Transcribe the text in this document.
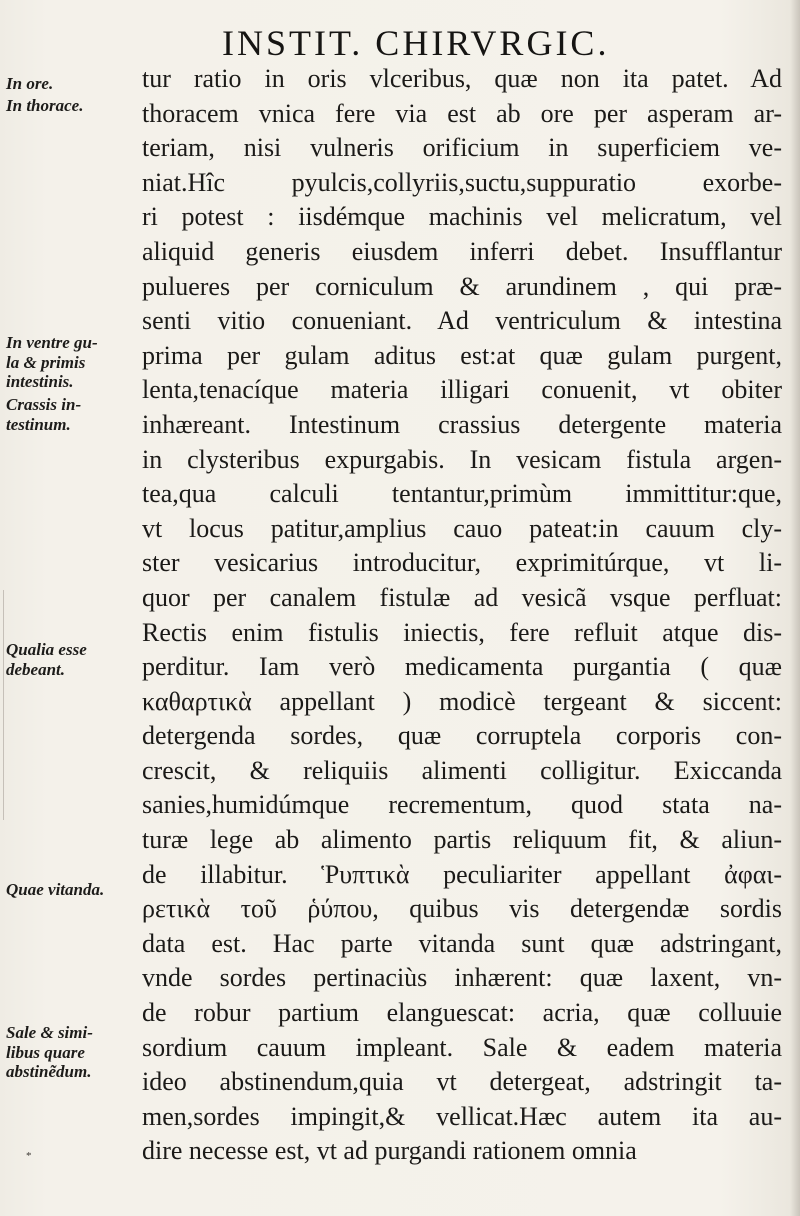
INSTIT. CHIRVRGIC.
In ore.
In thorace.
In ventre gu-
la & primis
intestinis.
Crassis in-
testinum.
Qualia esse
debeant.
Quae vitanda.
Sale & simi-
libus quare
abstinẽdum.
tur ratio in oris vlceribus, quæ non ita patet. Ad
thoracem vnica fere via est ab ore per asperam ar-
teriam, nisi vulneris orificium in superficiem ve-
niat.Hîc pyulcis,collyriis,suctu,suppuratio exorbe-
ri potest : iisdémque machinis vel melicratum, vel
aliquid generis eiusdem inferri debet. Insufflantur
pulueres per corniculum & arundinem , qui præ-
senti vitio conueniant. Ad ventriculum & intestina
prima per gulam aditus est:at quæ gulam purgent,
lenta,tenacíque materia illigari conuenit, vt obiter
inhæreant. Intestinum crassius detergente materia
in clysteribus expurgabis. In vesicam fistula argen-
tea,qua calculi tentantur,primùm immittitur:que,
vt locus patitur,amplius cauo pateat:in cauum cly-
ster vesicarius introducitur, exprimitúrque, vt li-
quor per canalem fistulæ ad vesicã vsque perfluat:
Rectis enim fistulis iniectis, fere refluit atque dis-
perditur. Iam verò medicamenta purgantia ( quæ
καθαρτικὰ appellant ) modicè tergeant & siccent:
detergenda sordes, quæ corruptela corporis con-
crescit, & reliquiis alimenti colligitur. Exiccanda
sanies,humidúmque recrementum, quod stata na-
turæ lege ab alimento partis reliquum fit, & aliun-
de illabitur. Ῥυπτικὰ peculiariter appellant ἀφαι-
ρετικὰ τοῦ ῥύπου, quibus vis detergendæ sordis
data est. Hac parte vitanda sunt quæ adstringant,
vnde sordes pertinaciùs inhærent: quæ laxent, vn-
de robur partium elanguescat: acria, quæ colluuie
sordium cauum impleant. Sale & eadem materia
ideo abstinendum,quia vt detergeat, adstringit ta-
men,sordes impingit,& vellicat.Hæc autem ita au-
dire necesse est, vt ad purgandi rationem omnia
*
